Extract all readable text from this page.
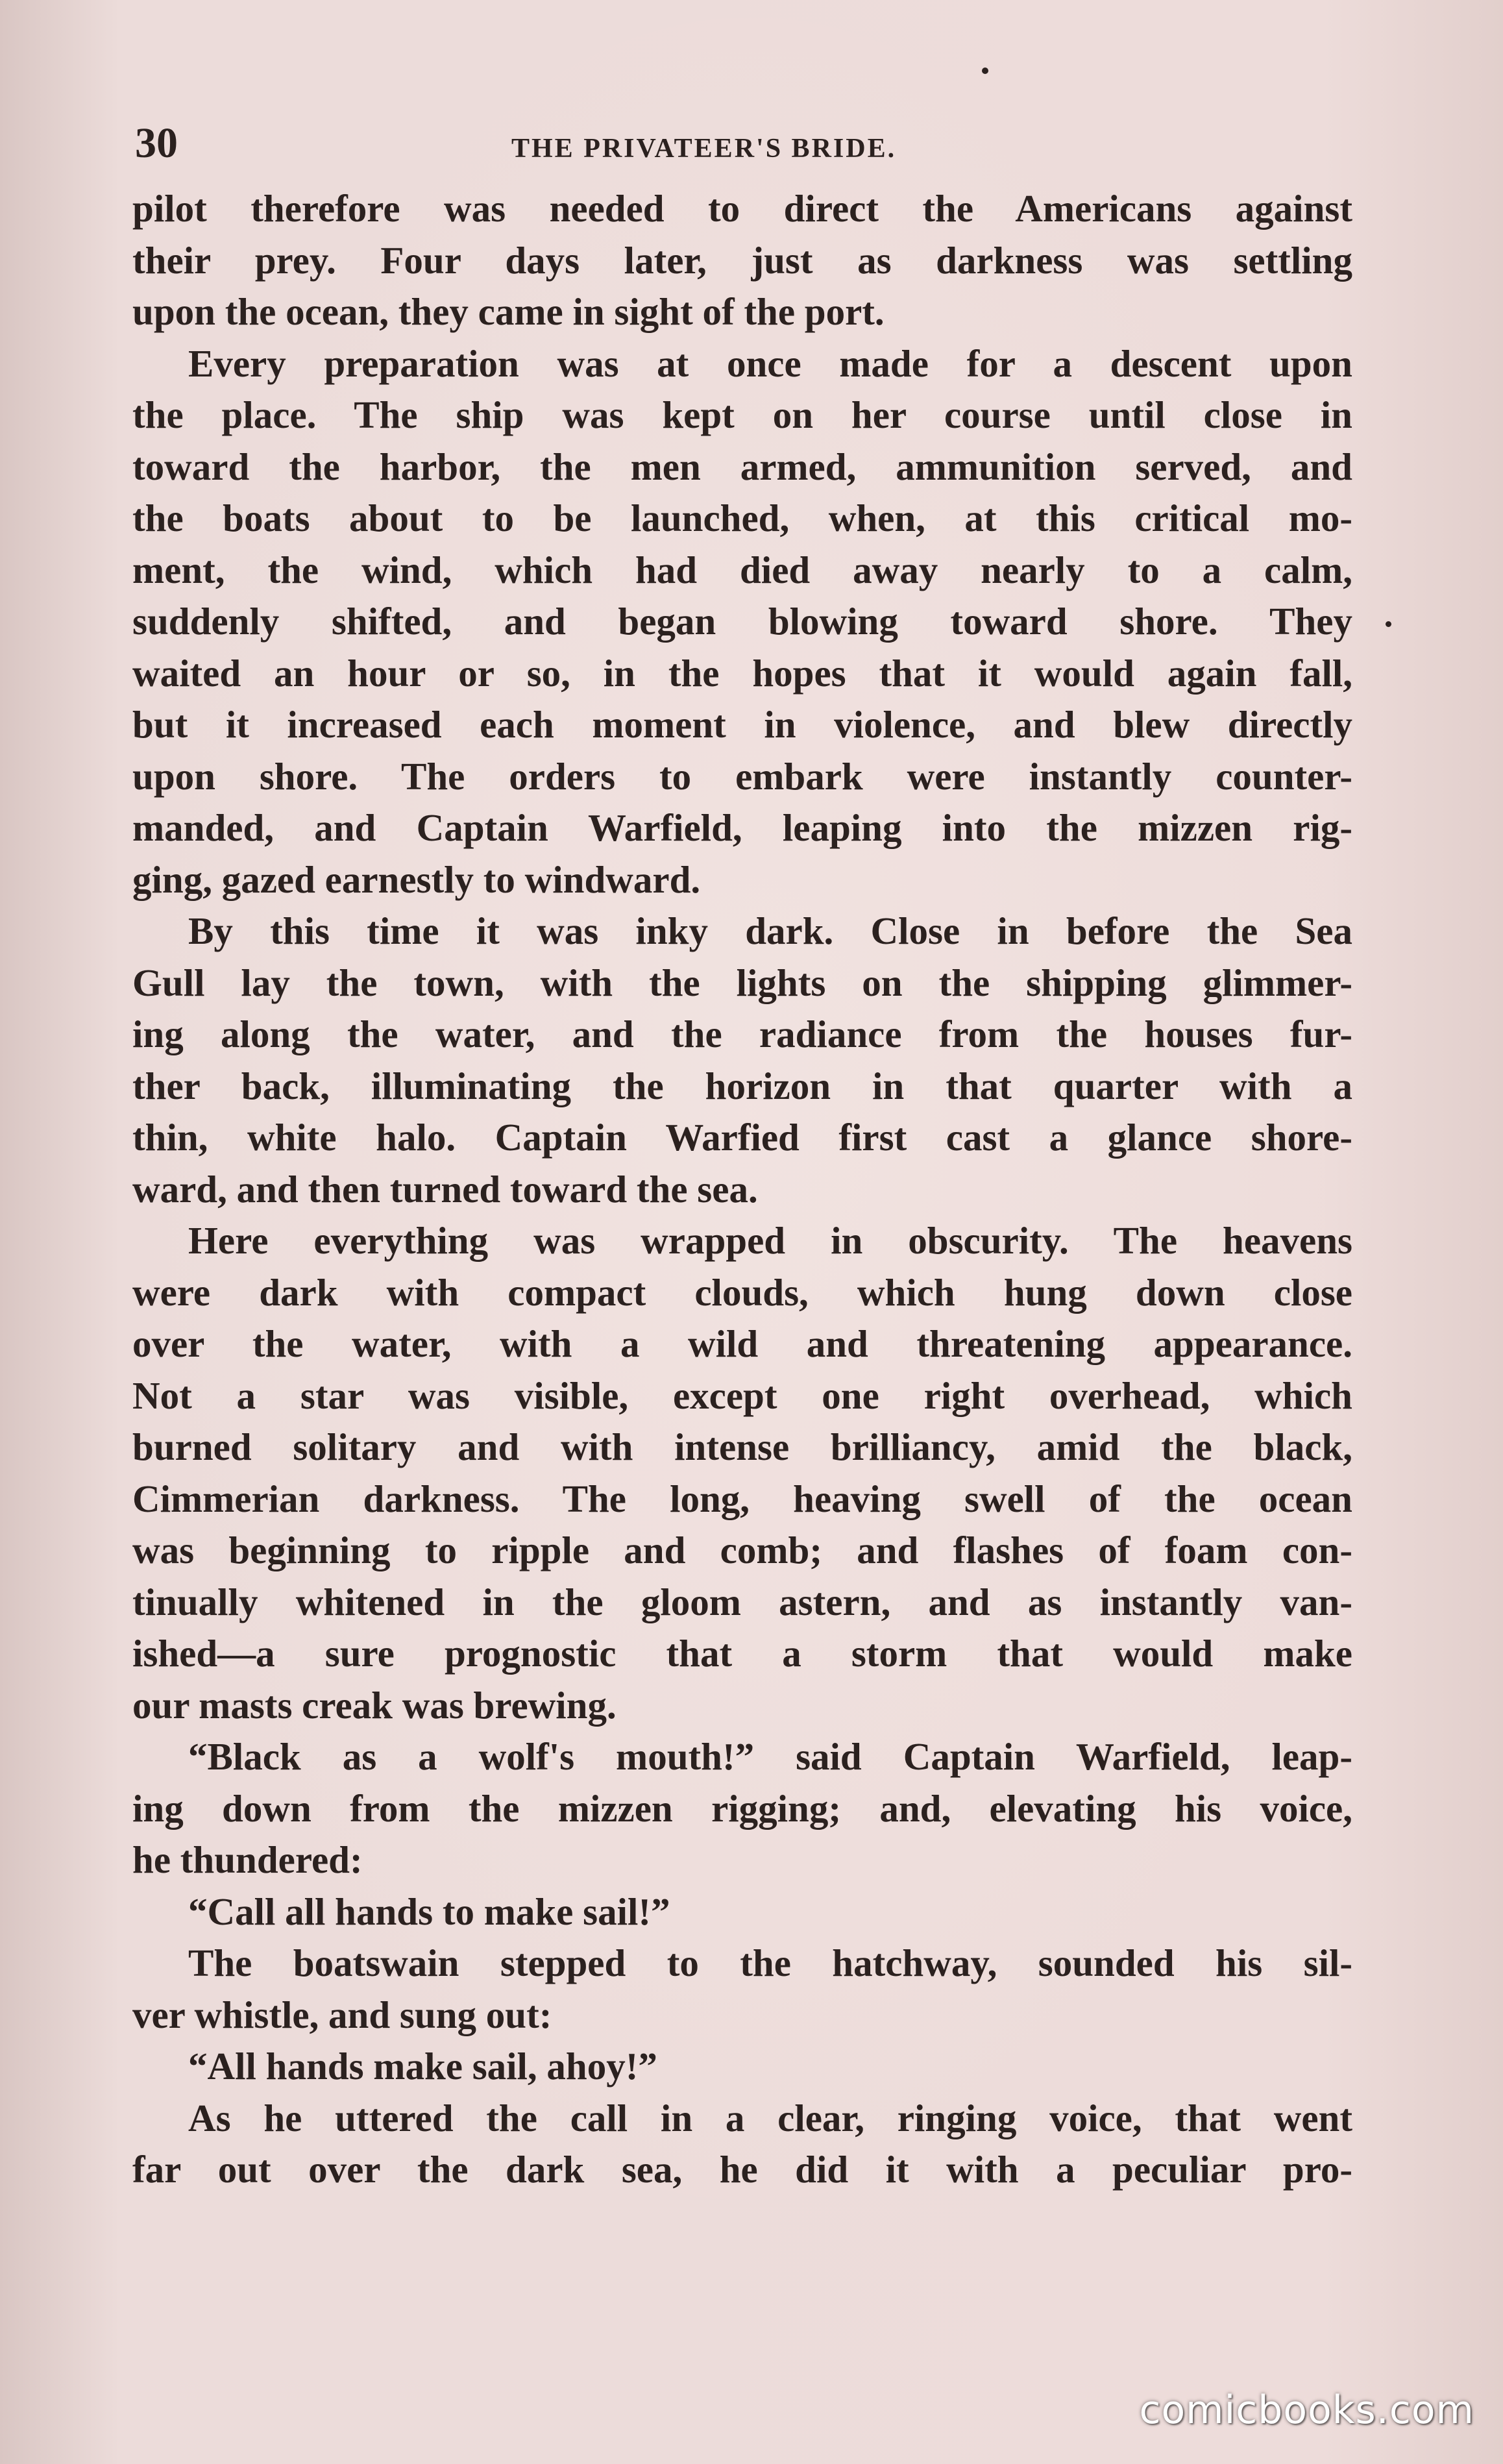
30	THE PRIVATEER'S BRIDE.
pilot therefore was needed to direct the Americans against
their prey. Four days later, just as darkness was settling
upon the ocean, they came in sight of the port.
Every preparation was at once made for a descent upon
the place. The ship was kept on her course until close in
toward the harbor, the men armed, ammunition served, and
the boats about to be launched, when, at this critical mo-
ment, the wind, which had died away nearly to a calm,
suddenly shifted, and began blowing toward shore. They
waited an hour or so, in the hopes that it would again fall,
but it increased each moment in violence, and blew directly
upon shore. The orders to embark were instantly counter-
manded, and Captain Warfield, leaping into the mizzen rig-
ging, gazed earnestly to windward.
By this time it was inky dark. Close in before the Sea
Gull lay the town, with the lights on the shipping glimmer-
ing along the water, and the radiance from the houses fur-
ther back, illuminating the horizon in that quarter with a
thin, white halo. Captain Warfied first cast a glance shore-
ward, and then turned toward the sea.
Here everything was wrapped in obscurity. The heavens
were dark with compact clouds, which hung down close
over the water, with a wild and threatening appearance.
Not a star was visible, except one right overhead, which
burned solitary and with intense brilliancy, amid the black,
Cimmerian darkness. The long, heaving swell of the ocean
was beginning to ripple and comb; and flashes of foam con-
tinually whitened in the gloom astern, and as instantly van-
ished—a sure prognostic that a storm that would make
our masts creak was brewing.
“Black as a wolf's mouth!” said Captain Warfield, leap-
ing down from the mizzen rigging; and, elevating his voice,
he thundered:
“Call all hands to make sail!”
The boatswain stepped to the hatchway, sounded his sil-
ver whistle, and sung out:
“All hands make sail, ahoy!”
As he uttered the call in a clear, ringing voice, that went
far out over the dark sea, he did it with a peculiar pro-
comicbooks.com
